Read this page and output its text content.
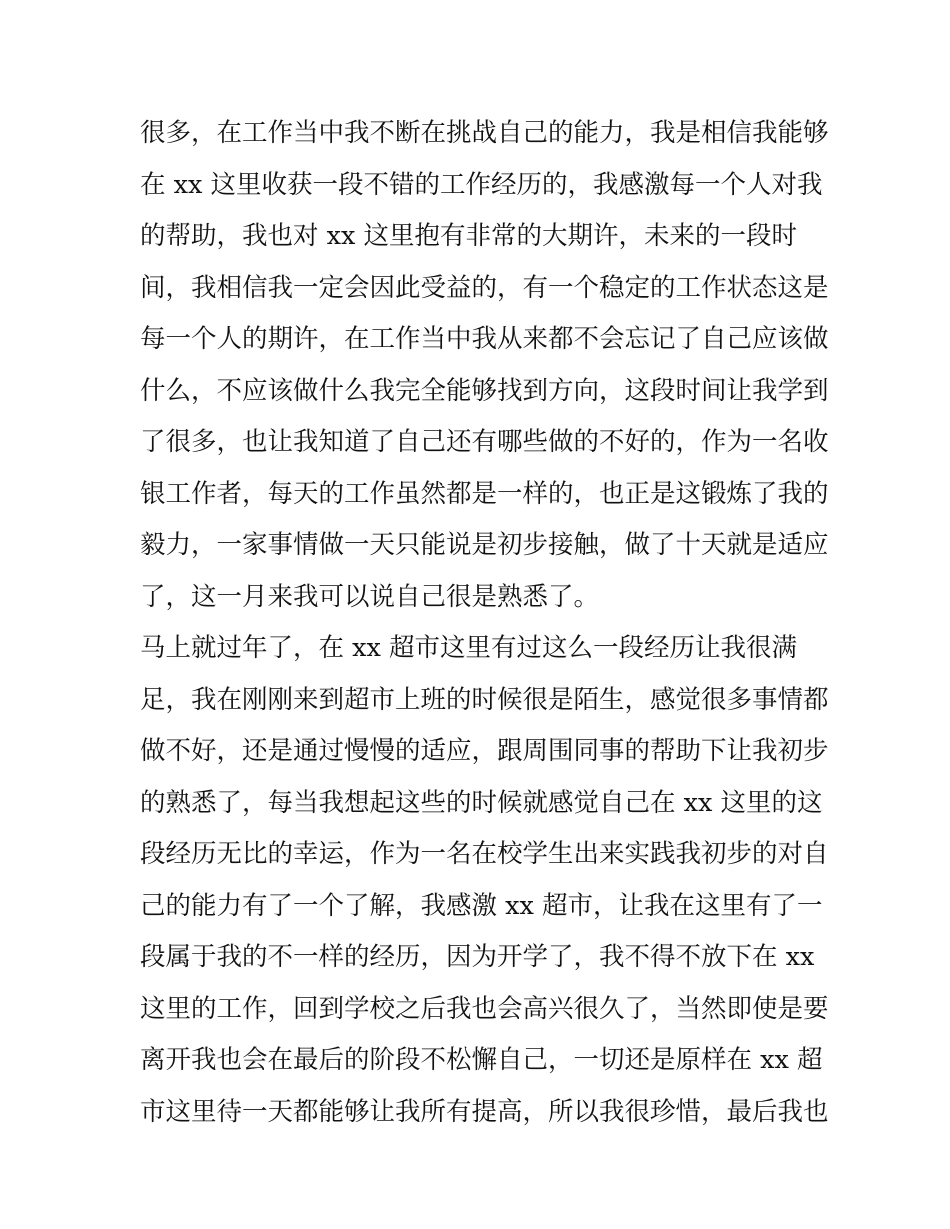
很多，在工作当中我不断在挑战自己的能力，我是相信我能够
在 xx 这里收获一段不错的工作经历的，我感激每一个人对我
的帮助，我也对 xx 这里抱有非常的大期许，未来的一段时
间，我相信我一定会因此受益的，有一个稳定的工作状态这是
每一个人的期许，在工作当中我从来都不会忘记了自己应该做
什么，不应该做什么我完全能够找到方向，这段时间让我学到
了很多，也让我知道了自己还有哪些做的不好的，作为一名收
银工作者，每天的工作虽然都是一样的，也正是这锻炼了我的
毅力，一家事情做一天只能说是初步接触，做了十天就是适应
了，这一月来我可以说自己很是熟悉了。
马上就过年了，在 xx 超市这里有过这么一段经历让我很满
足，我在刚刚来到超市上班的时候很是陌生，感觉很多事情都
做不好，还是通过慢慢的适应，跟周围同事的帮助下让我初步
的熟悉了，每当我想起这些的时候就感觉自己在 xx 这里的这
段经历无比的幸运，作为一名在校学生出来实践我初步的对自
己的能力有了一个了解，我感激 xx 超市，让我在这里有了一
段属于我的不一样的经历，因为开学了，我不得不放下在 xx
这里的工作，回到学校之后我也会高兴很久了，当然即使是要
离开我也会在最后的阶段不松懈自己，一切还是原样在 xx 超
市这里待一天都能够让我所有提高，所以我很珍惜，最后我也
